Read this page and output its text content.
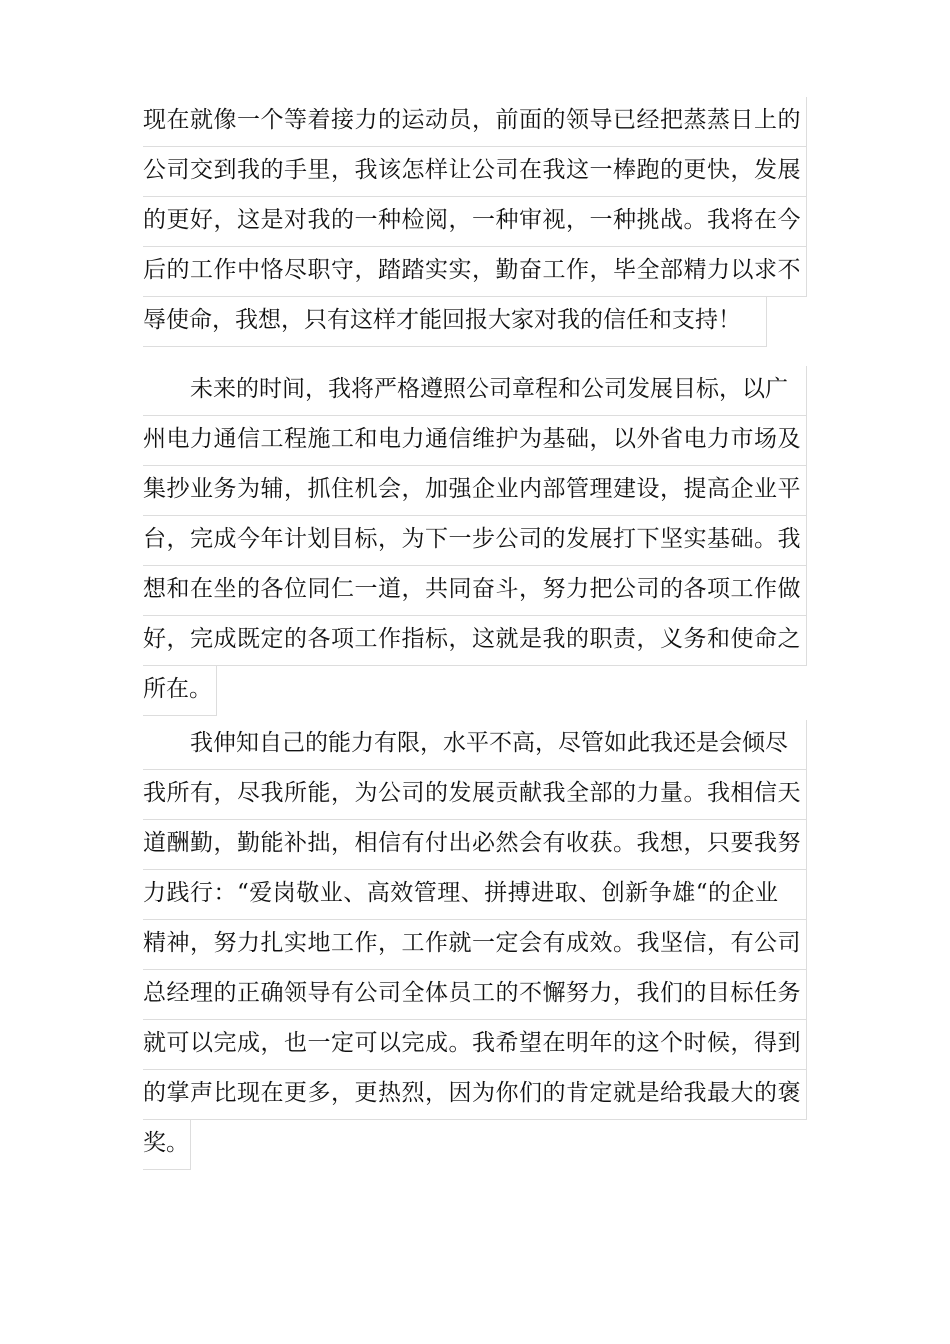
现在就像一个等着接力的运动员，前面的领导已经把蒸蒸日上的
公司交到我的手里，我该怎样让公司在我这一棒跑的更快，发展
的更好，这是对我的一种检阅，一种审视，一种挑战。我将在今
后的工作中恪尽职守，踏踏实实，勤奋工作，毕全部精力以求不
辱使命，我想，只有这样才能回报大家对我的信任和支持！
未来的时间，我将严格遵照公司章程和公司发展目标，以广
州电力通信工程施工和电力通信维护为基础，以外省电力市场及
集抄业务为辅，抓住机会，加强企业内部管理建设，提高企业平
台，完成今年计划目标，为下一步公司的发展打下坚实基础。我
想和在坐的各位同仁一道，共同奋斗，努力把公司的各项工作做
好，完成既定的各项工作指标，这就是我的职责，义务和使命之
所在。
我伸知自己的能力有限，水平不高，尽管如此我还是会倾尽
我所有，尽我所能，为公司的发展贡献我全部的力量。我相信天
道酬勤，勤能补拙，相信有付出必然会有收获。我想，只要我努
力践行：“爱岗敬业、高效管理、拼搏进取、创新争雄“的企业
精神，努力扎实地工作，工作就一定会有成效。我坚信，有公司
总经理的正确领导有公司全体员工的不懈努力，我们的目标任务
就可以完成，也一定可以完成。我希望在明年的这个时候，得到
的掌声比现在更多，更热烈，因为你们的肯定就是给我最大的褒
奖。
